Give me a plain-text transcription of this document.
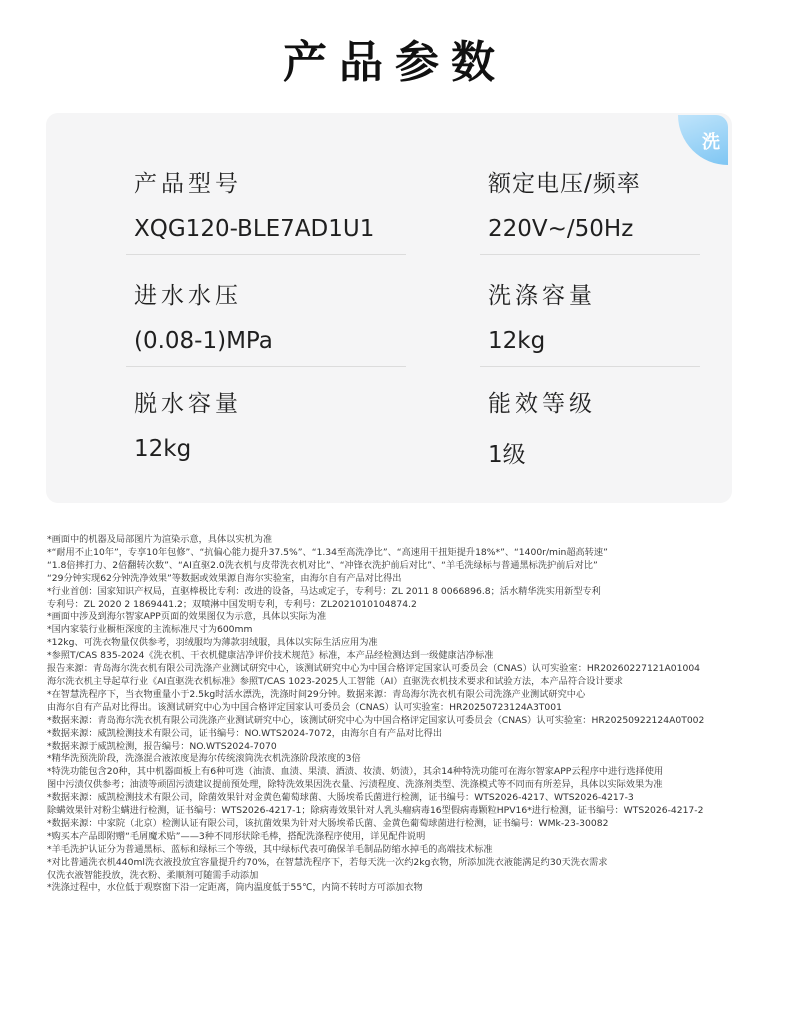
产品参数
洗
产品型号
XQG120-BLE7AD1U1
额定电压/频率
220V~/50Hz
进水水压
(0.08-1)MPa
洗涤容量
12kg
脱水容量
12kg
能效等级
1级
*画面中的机器及局部图片为渲染示意，具体以实机为准
*“耐用不止10年”，专享10年包修”、“抗偏心能力提升37.5%”、“1.34至高洗净比”、“高速用干扭矩提升18%*”、“1400r/min超高转速”
“1.8倍摔打力、2倍翻转次数”、“AI直驱2.0洗衣机与皮带洗衣机对比”、“冲锋衣洗护前后对比”、“羊毛洗绿标与普通黑标洗护前后对比”
“29分钟实现62分钟洗净效果”等数据或效果源自海尔实验室，由海尔自有产品对比得出
*行业首创：国家知识产权局，直驱棒极比专利：改进的设备，马达或定子，专利号：ZL 2011 8 0066896.8；活水精华洗实用新型专利
专利号：ZL 2020 2 1869441.2；双喷淋中国发明专利，专利号：ZL2021010104874.2
*画面中涉及到海尔智家APP页面的效果图仅为示意，具体以实际为准
*国内家装行业橱柜深度的主流标准尺寸为600mm
*12kg、可洗衣物量仅供参考，羽绒服均为薄款羽绒服，具体以实际生活应用为准
*参照T/CAS 835-2024《洗衣机、干衣机健康洁净评价技术规范》标准，本产品经检测达到一级健康洁净标准
报告来源：青岛海尔洗衣机有限公司洗涤产业测试研究中心，该测试研究中心为中国合格评定国家认可委员会（CNAS）认可实验室：HR20260227121A01004
海尔洗衣机主导起草行业《AI直驱洗衣机标准》参照T/CAS 1023-2025人工智能（AI）直驱洗衣机技术要求和试验方法，本产品符合设计要求
*在智慧洗程序下，当衣物重量小于2.5kg时活水漂洗，洗涤时间29分钟。数据来源：青岛海尔洗衣机有限公司洗涤产业测试研究中心
由海尔自有产品对比得出。该测试研究中心为中国合格评定国家认可委员会（CNAS）认可实验室：HR20250723124A3T001
*数据来源：青岛海尔洗衣机有限公司洗涤产业测试研究中心，该测试研究中心为中国合格评定国家认可委员会（CNAS）认可实验室：HR20250922124A0T002
*数据来源：威凯检测技术有限公司，证书编号：NO.WTS2024-7072，由海尔自有产品对比得出
*数据来源于威凯检测，报告编号：NO.WTS2024-7070
*精华洗预洗阶段，洗涤混合液浓度是海尔传统滚筒洗衣机洗涤阶段浓度的3倍
*特洗功能包含20种，其中机器面板上有6种可选（油渍、血渍、果渍、酒渍、妆渍、奶渍），其余14种特洗功能可在海尔智家APP云程序中进行选择使用
图中污渍仅供参考；油渍等顽固污渍建议提前预处理，除特洗效果因洗衣量、污渍程度、洗涤剂类型、洗涤模式等不同而有所差异，具体以实际效果为准
*数据来源：威凯检测技术有限公司，除菌效果针对金黄色葡萄球菌、大肠埃希氏菌进行检测，证书编号：WTS2026-4217、WTS2026-4217-3
除螨效果针对粉尘螨进行检测，证书编号：WTS2026-4217-1；除病毒效果针对人乳头瘤病毒16型假病毒颗粒HPV16*进行检测，证书编号：WTS2026-4217-2
*数据来源：中家院（北京）检测认证有限公司，该抗菌效果为针对大肠埃希氏菌、金黄色葡萄球菌进行检测，证书编号：WMk-23-30082
*购买本产品即附赠“毛屑魔术贴”——3种不同形状除毛棒，搭配洗涤程序使用，详见配件说明
*羊毛洗护认证分为普通黑标、蓝标和绿标三个等级，其中绿标代表可确保羊毛制品防缩水掉毛的高端技术标准
*对比普通洗衣机440ml洗衣液投放宜容量提升约70%，在智慧洗程序下，若每天洗一次约2kg衣物，所添加洗衣液能满足约30天洗衣需求
仅洗衣液智能投放，洗衣粉、柔顺剂可随需手动添加
*洗涤过程中，水位低于观察窗下沿一定距离，筒内温度低于55℃，内筒不转时方可添加衣物
